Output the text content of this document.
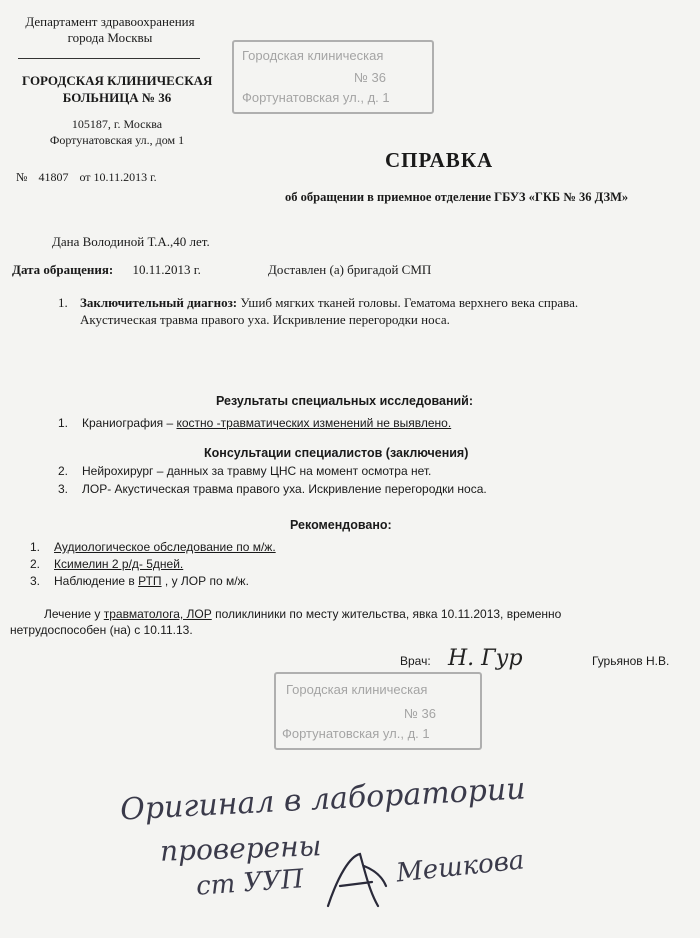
Департамент здравоохранения
города Москвы
ГОРОДСКАЯ КЛИНИЧЕСКАЯ
БОЛЬНИЦА № 36
105187, г. Москва
Фортунатовская ул., дом 1
№ 41807 от 10.11.2013 г.
Городская клиническая
№ 36
Фортунатовская ул., д. 1
СПРАВКА
об обращении в приемное отделение ГБУЗ «ГКБ № 36 ДЗМ»
Дана Володиной Т.А.,40 лет.
Дата обращения: 10.11.2013 г.	Доставлен (а) бригадой СМП
1. Заключительный диагноз: Ушиб мягких тканей головы. Гематома верхнего века справа.
Акустическая травма правого уха. Искривление перегородки носа.
Результаты специальных исследований:
1. Краниография – костно -травматических изменений не выявлено.
Консультации специалистов (заключения)
2. Нейрохирург – данных за травму ЦНС на момент осмотра нет.
3. ЛОР- Акустическая травма правого уха. Искривление перегородки носа.
Рекомендовано:
1. Аудиологическое обследование по м/ж.
2. Ксимелин 2 р/д- 5дней.
3. Наблюдение в РТП , у ЛОР по м/ж.
Лечение у травматолога, ЛОР поликлиники по месту жительства, явка 10.11.2013, временно
нетрудоспособен (на) с 10.11.13.
Врач: Н. Гур	Гурьянов Н.В.
Городская клиническая
№ 36
Фортунатовская ул., д. 1
Оригинал в лаборатории
проверены
ст УУП	Мешкова
